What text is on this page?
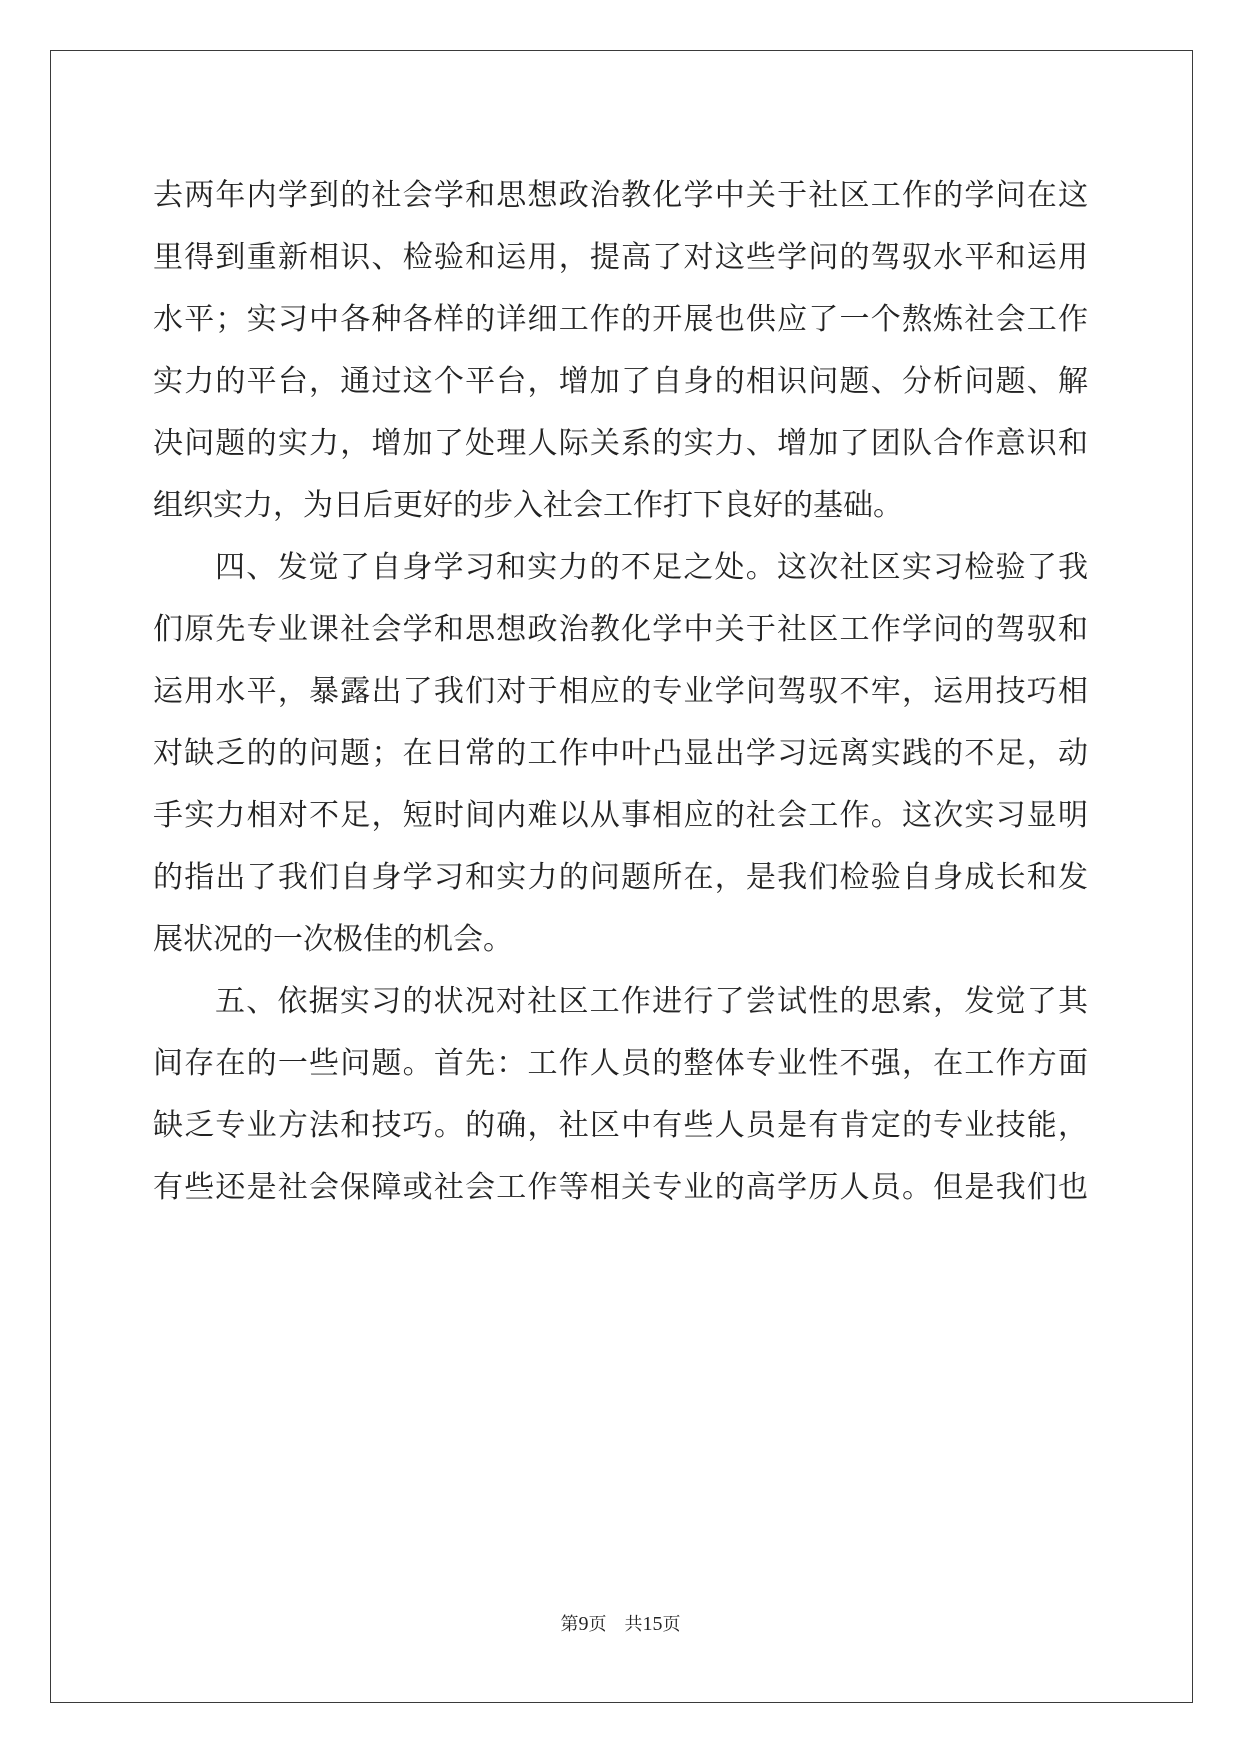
去两年内学到的社会学和思想政治教化学中关于社区工作的学问在这
里得到重新相识、检验和运用，提高了对这些学问的驾驭水平和运用
水平；实习中各种各样的详细工作的开展也供应了一个熬炼社会工作
实力的平台，通过这个平台，增加了自身的相识问题、分析问题、解
决问题的实力，增加了处理人际关系的实力、增加了团队合作意识和
组织实力，为日后更好的步入社会工作打下良好的基础。
四、发觉了自身学习和实力的不足之处。这次社区实习检验了我
们原先专业课社会学和思想政治教化学中关于社区工作学问的驾驭和
运用水平，暴露出了我们对于相应的专业学问驾驭不牢，运用技巧相
对缺乏的的问题；在日常的工作中叶凸显出学习远离实践的不足，动
手实力相对不足，短时间内难以从事相应的社会工作。这次实习显明
的指出了我们自身学习和实力的问题所在，是我们检验自身成长和发
展状况的一次极佳的机会。
五、依据实习的状况对社区工作进行了尝试性的思索，发觉了其
间存在的一些问题。首先：工作人员的整体专业性不强，在工作方面
缺乏专业方法和技巧。的确，社区中有些人员是有肯定的专业技能，
有些还是社会保障或社会工作等相关专业的高学历人员。但是我们也
第9页 共15页
